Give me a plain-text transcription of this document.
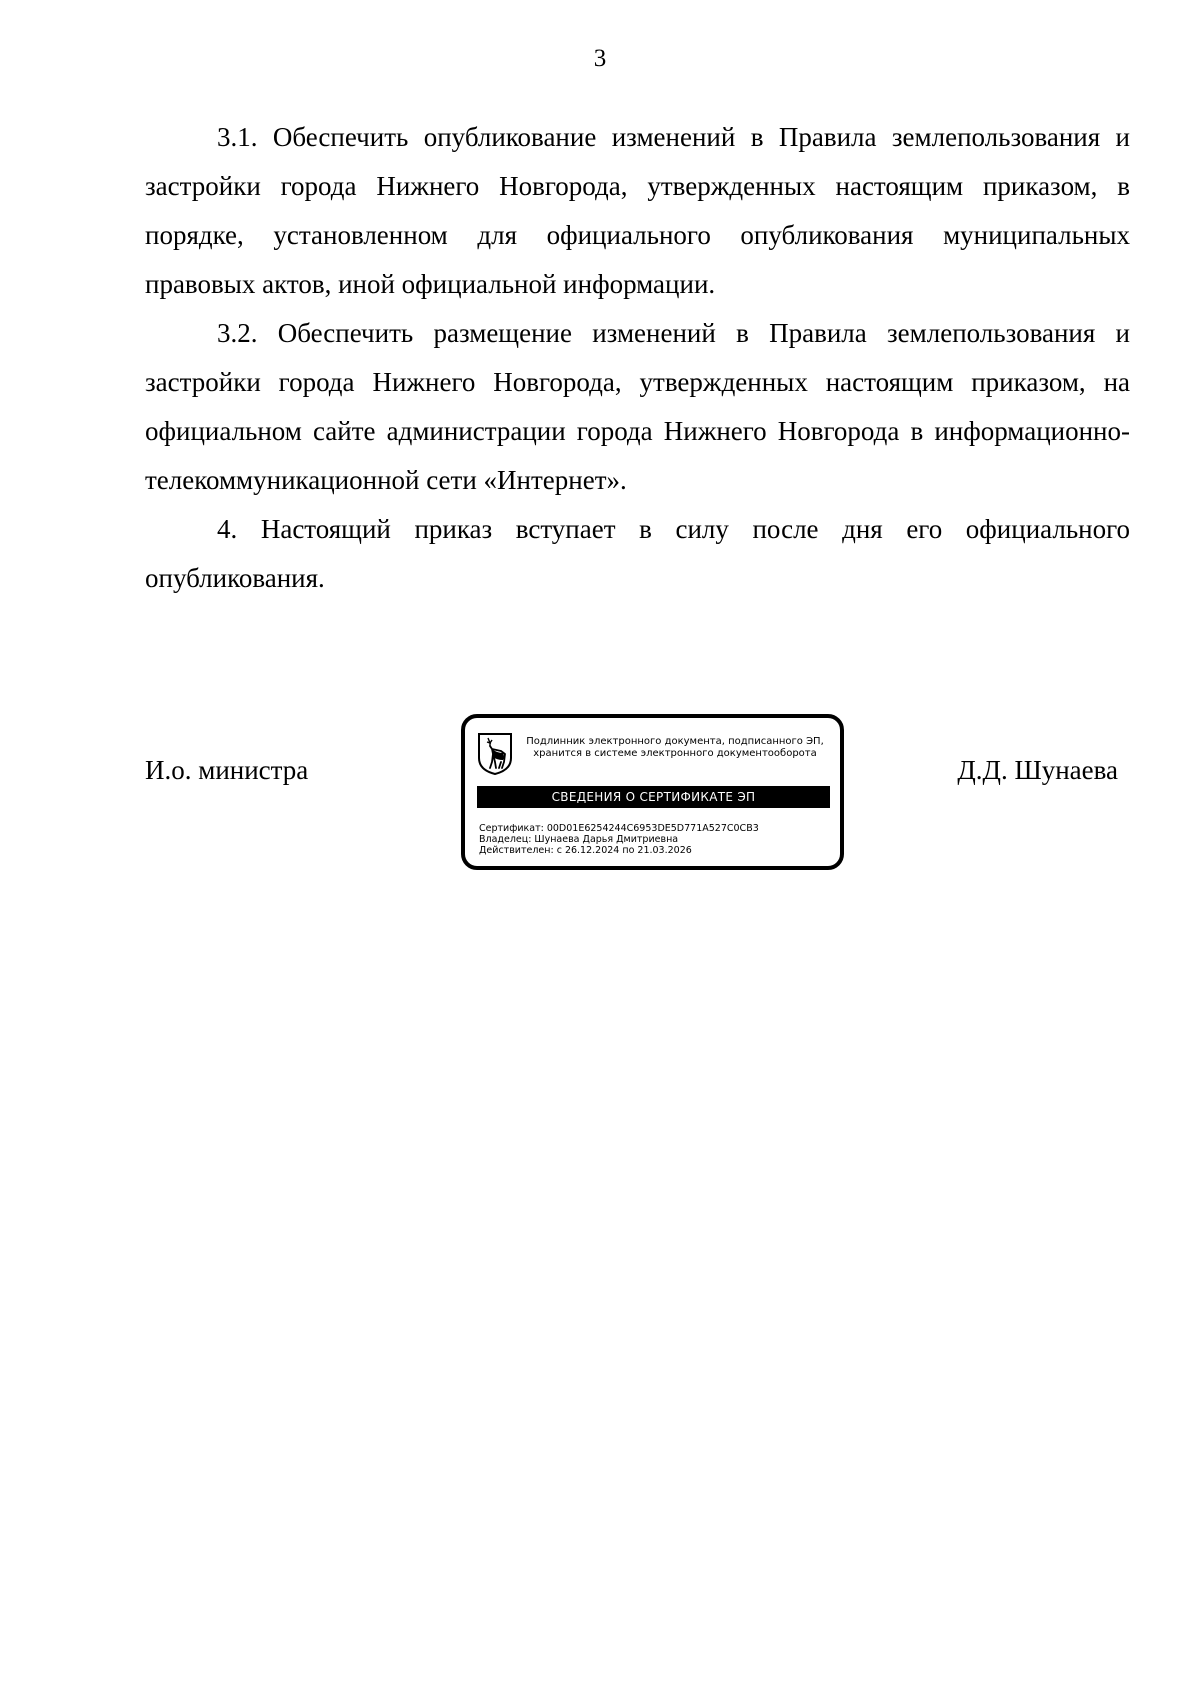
3

3.1. Обеспечить опубликование изменений в Правила землепользования и застройки города Нижнего Новгорода, утвержденных настоящим приказом, в порядке, установленном для официального опубликования муниципальных правовых актов, иной официальной информации.

3.2. Обеспечить размещение изменений в Правила землепользования и застройки города Нижнего Новгорода, утвержденных настоящим приказом, на официальном сайте администрации города Нижнего Новгорода в информационно-телекоммуникационной сети «Интернет».

4. Настоящий приказ вступает в силу после дня его официального опубликования.

И.о. министра
Подлинник электронного документа, подписанного ЭП,
хранится в системе электронного документооборота
СВЕДЕНИЯ О СЕРТИФИКАТЕ ЭП
Сертификат: 00D01E6254244C6953DE5D771A527C0CB3
Владелец: Шунаева Дарья Дмитриевна
Действителен: с 26.12.2024 по 21.03.2026
Д.Д. Шунаева
